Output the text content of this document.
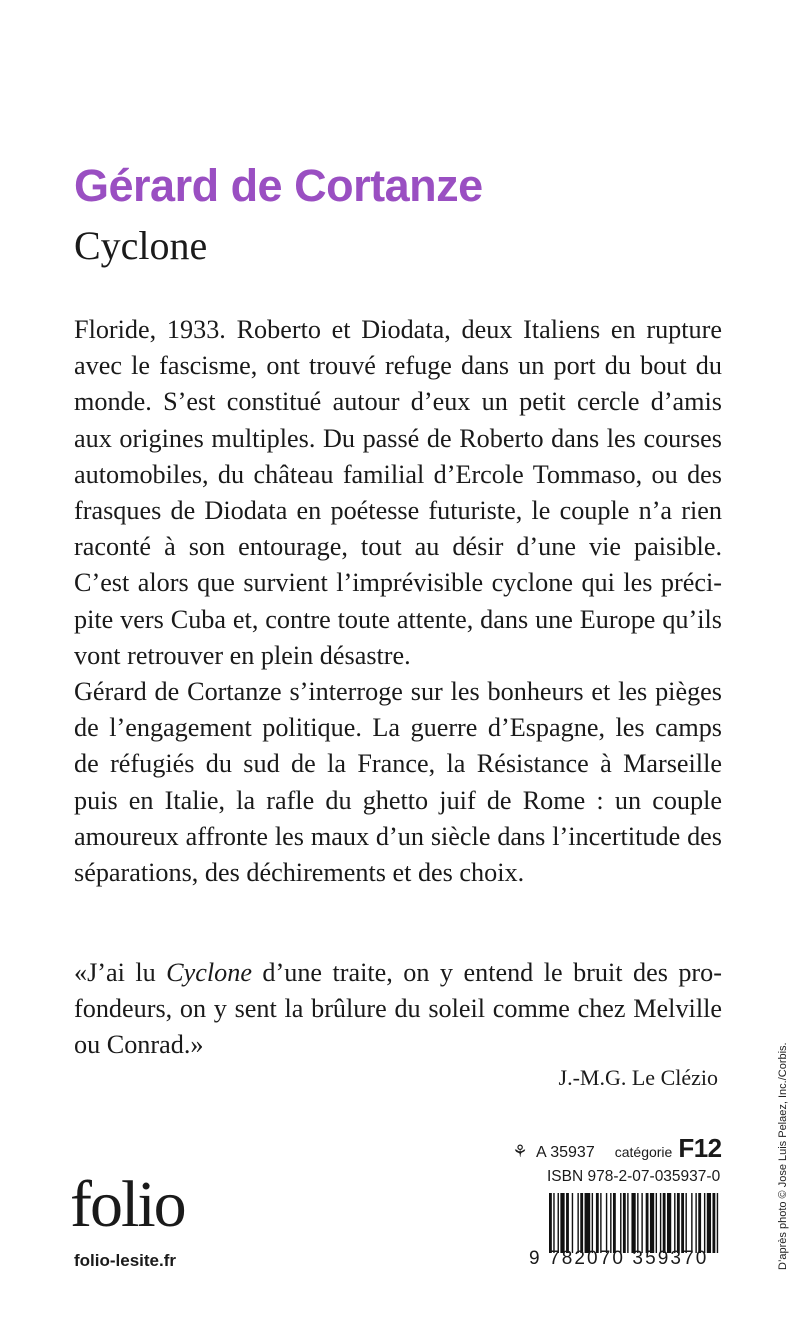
Gérard de Cortanze
Cyclone

Floride, 1933. Roberto et Diodata, deux Italiens en rupture avec le fascisme, ont trouvé refuge dans un port du bout du monde. S’est constitué autour d’eux un petit cercle d’amis aux origines multiples. Du passé de Roberto dans les courses automobiles, du château familial d’Ercole Tommaso, ou des frasques de Diodata en poétesse futuriste, le couple n’a rien raconté à son entourage, tout au désir d’une vie paisible. C’est alors que survient l’imprévisible cyclone qui les précipite vers Cuba et, contre toute attente, dans une Europe qu’ils vont retrouver en plein désastre.

Gérard de Cortanze s’interroge sur les bonheurs et les pièges de l’engagement politique. La guerre d’Espagne, les camps de réfugiés du sud de la France, la Résistance à Marseille puis en Italie, la rafle du ghetto juif de Rome : un couple amoureux affronte les maux d’un siècle dans l’incertitude des séparations, des déchirements et des choix.

«J’ai lu Cyclone d’une traite, on y entend le bruit des profondeurs, on y sent la brûlure du soleil comme chez Melville ou Conrad.»
J.-M.G. Le Clézio
⚘ A 35937 catégorie F12
ISBN 978-2-07-035937-0
9 782070 359370
folio
folio-lesite.fr	D’après photo © Jose Luis Pelaez, Inc./Corbis.
